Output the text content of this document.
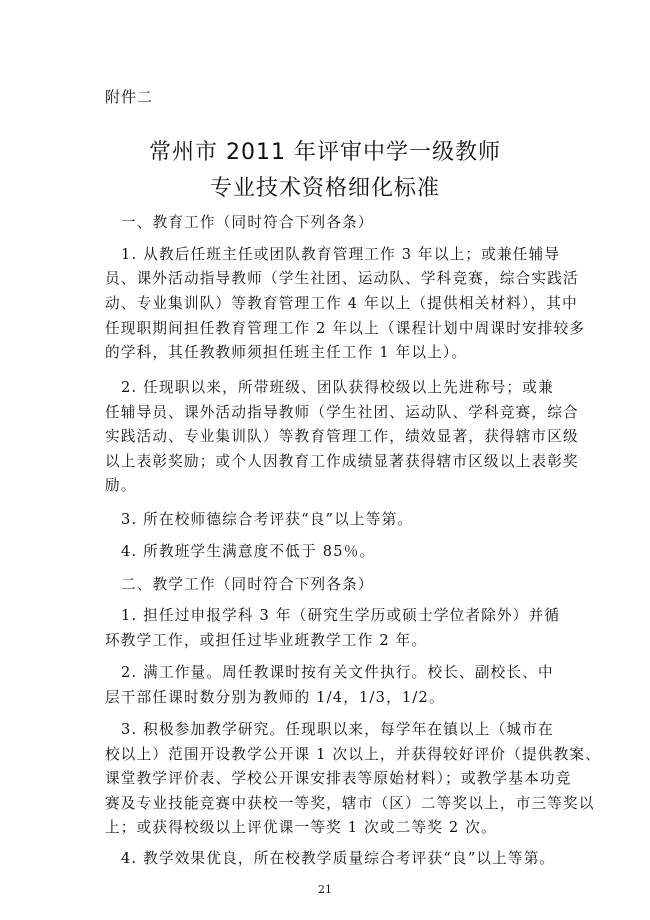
附件二
常州市 2011 年评审中学一级教师
专业技术资格细化标准
一、教育工作（同时符合下列各条）
1. 从教后任班主任或团队教育管理工作 3 年以上；或兼任辅导
员、课外活动指导教师（学生社团、运动队、学科竞赛，综合实践活
动、专业集训队）等教育管理工作 4 年以上（提供相关材料），其中
任现职期间担任教育管理工作 2 年以上（课程计划中周课时安排较多
的学科，其任教教师须担任班主任工作 1 年以上）。
2. 任现职以来，所带班级、团队获得校级以上先进称号；或兼
任辅导员、课外活动指导教师（学生社团、运动队、学科竞赛，综合
实践活动、专业集训队）等教育管理工作，绩效显著，获得辖市区级
以上表彰奖励；或个人因教育工作成绩显著获得辖市区级以上表彰奖
励。
3. 所在校师德综合考评获“良”以上等第。
4. 所教班学生满意度不低于 85％。
二、教学工作（同时符合下列各条）
1. 担任过申报学科 3 年（研究生学历或硕士学位者除外）并循
环教学工作，或担任过毕业班教学工作 2 年。
2. 满工作量。周任教课时按有关文件执行。校长、副校长、中
层干部任课时数分别为教师的 1/4，1/3，1/2。
3. 积极参加教学研究。任现职以来，每学年在镇以上（城市在
校以上）范围开设教学公开课 1 次以上，并获得较好评价（提供教案、
课堂教学评价表、学校公开课安排表等原始材料）；或教学基本功竞
赛及专业技能竞赛中获校一等奖，辖市（区）二等奖以上，市三等奖以
上；或获得校级以上评优课一等奖 1 次或二等奖 2 次。
4. 教学效果优良，所在校教学质量综合考评获“良”以上等第。
21
